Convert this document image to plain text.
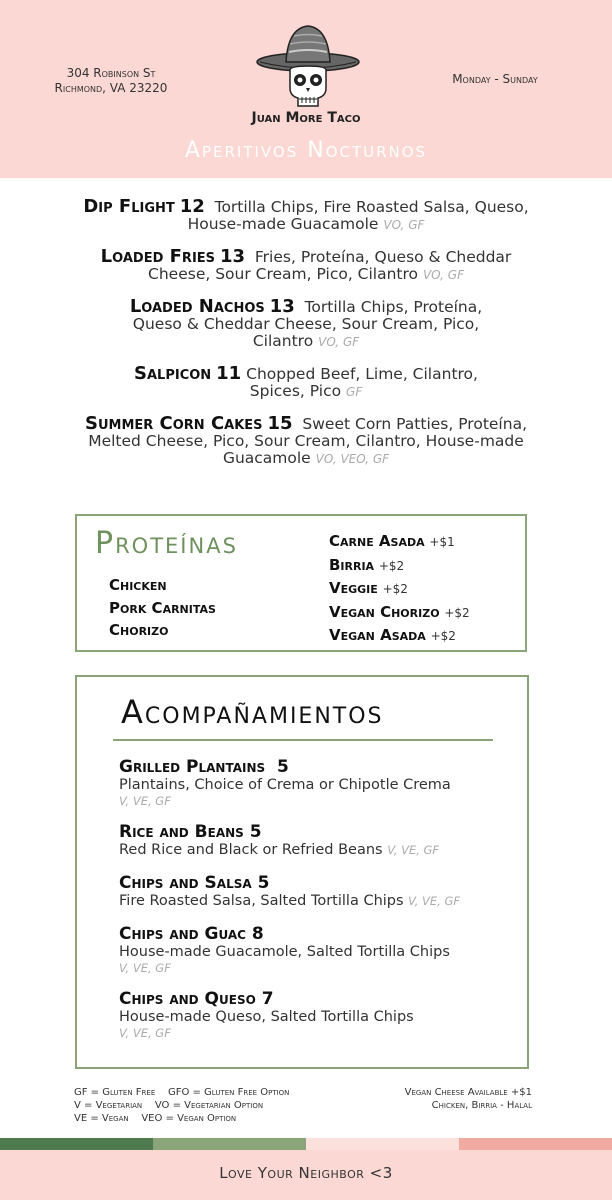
304 Robinson St
Richmond, VA 23220
Juan More Taco
Monday - Sunday
Aperitivos Nocturnos
Dip Flight 12 Tortilla Chips, Fire Roasted Salsa, Queso, House-made Guacamole VO, GF
Loaded Fries 13 Fries, Proteína, Queso & Cheddar Cheese, Sour Cream, Pico, Cilantro VO, GF
Loaded Nachos 13 Tortilla Chips, Proteína, Queso & Cheddar Cheese, Sour Cream, Pico, Cilantro VO, GF
Salpicon 11 Chopped Beef, Lime, Cilantro, Spices, Pico GF
Summer Corn Cakes 15 Sweet Corn Patties, Proteína, Melted Cheese, Pico, Sour Cream, Cilantro, House-made Guacamole VO, VEO, GF
Proteínas
Chicken
Pork Carnitas
Chorizo
Carne Asada +$1
Birria +$2
Veggie +$2
Vegan Chorizo +$2
Vegan Asada +$2
Acompañamientos
Grilled Plantains 5
Plantains, Choice of Crema or Chipotle Crema
V, VE, GF
Rice and Beans 5
Red Rice and Black or Refried Beans V, VE, GF
Chips and Salsa 5
Fire Roasted Salsa, Salted Tortilla Chips V, VE, GF
Chips and Guac 8
House-made Guacamole, Salted Tortilla Chips
V, VE, GF
Chips and Queso 7
House-made Queso, Salted Tortilla Chips
V, VE, GF
GF = Gluten Free    GFO = Gluten Free Option
V = Vegetarian    VO = Vegetarian Option
VE = Vegan    VEO = Vegan Option
Vegan Cheese Available +$1
Chicken, Birria - Halal
Love Your Neighbor <3
